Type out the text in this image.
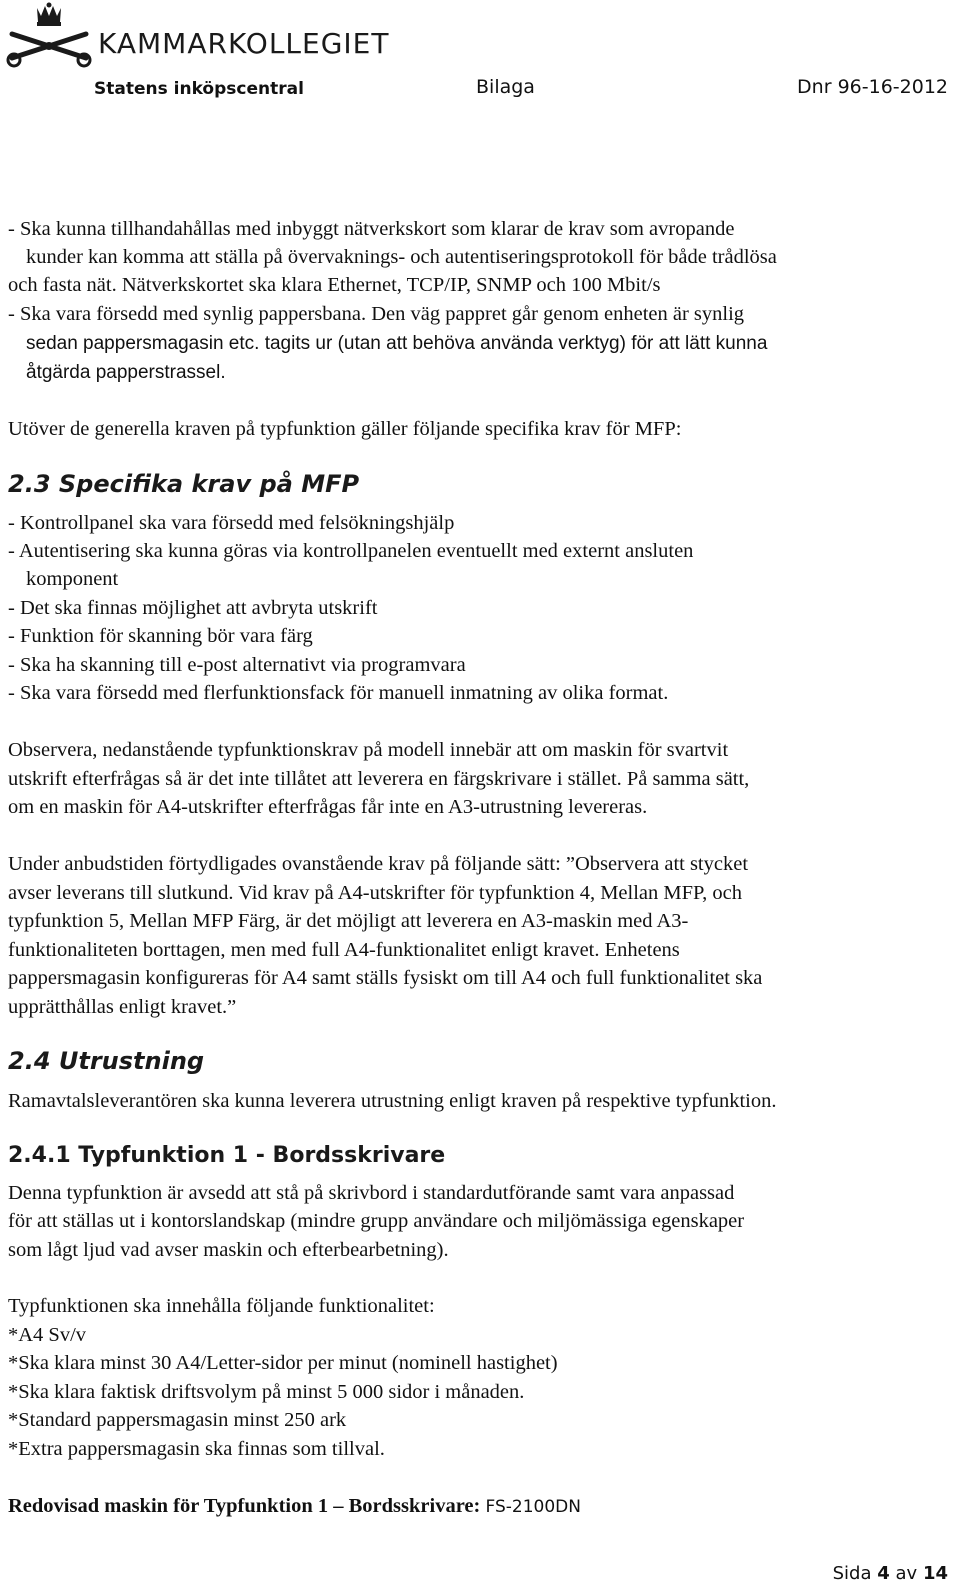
KAMMARKOLLEGIET
Statens inköpscentral	Bilaga	Dnr 96-16-2012
- Ska kunna tillhandahållas med inbyggt nätverkskort som klarar de krav som avropande
kunder kan komma att ställa på övervaknings- och autentiseringsprotokoll för både trådlösa
och fasta nät. Nätverkskortet ska klara Ethernet, TCP/IP, SNMP och 100 Mbit/s
- Ska vara försedd med synlig pappersbana. Den väg pappret går genom enheten är synlig
sedan pappersmagasin etc. tagits ur (utan att behöva använda verktyg) för att lätt kunna
åtgärda papperstrassel.
Utöver de generella kraven på typfunktion gäller följande specifika krav för MFP:
2.3 Specifika krav på MFP
- Kontrollpanel ska vara försedd med felsökningshjälp
- Autentisering ska kunna göras via kontrollpanelen eventuellt med externt ansluten
komponent
- Det ska finnas möjlighet att avbryta utskrift
- Funktion för skanning bör vara färg
- Ska ha skanning till e-post alternativt via programvara
- Ska vara försedd med flerfunktionsfack för manuell inmatning av olika format.
Observera, nedanstående typfunktionskrav på modell innebär att om maskin för svartvit
utskrift efterfrågas så är det inte tillåtet att leverera en färgskrivare i stället. På samma sätt,
om en maskin för A4-utskrifter efterfrågas får inte en A3-utrustning levereras.
Under anbudstiden förtydligades ovanstående krav på följande sätt: ”Observera att stycket
avser leverans till slutkund. Vid krav på A4-utskrifter för typfunktion 4, Mellan MFP, och
typfunktion 5, Mellan MFP Färg, är det möjligt att leverera en A3-maskin med A3-
funktionaliteten borttagen, men med full A4-funktionalitet enligt kravet. Enhetens
pappersmagasin konfigureras för A4 samt ställs fysiskt om till A4 och full funktionalitet ska
upprätthållas enligt kravet.”
2.4 Utrustning
Ramavtalsleverantören ska kunna leverera utrustning enligt kraven på respektive typfunktion.
2.4.1 Typfunktion 1 - Bordsskrivare
Denna typfunktion är avsedd att stå på skrivbord i standardutförande samt vara anpassad
för att ställas ut i kontorslandskap (mindre grupp användare och miljömässiga egenskaper
som lågt ljud vad avser maskin och efterbearbetning).
Typfunktionen ska innehålla följande funktionalitet:
*A4 Sv/v
*Ska klara minst 30 A4/Letter-sidor per minut (nominell hastighet)
*Ska klara faktisk driftsvolym på minst 5 000 sidor i månaden.
*Standard pappersmagasin minst 250 ark
*Extra pappersmagasin ska finnas som tillval.
Redovisad maskin för Typfunktion 1 – Bordsskrivare: FS-2100DN
Sida 4 av 14
